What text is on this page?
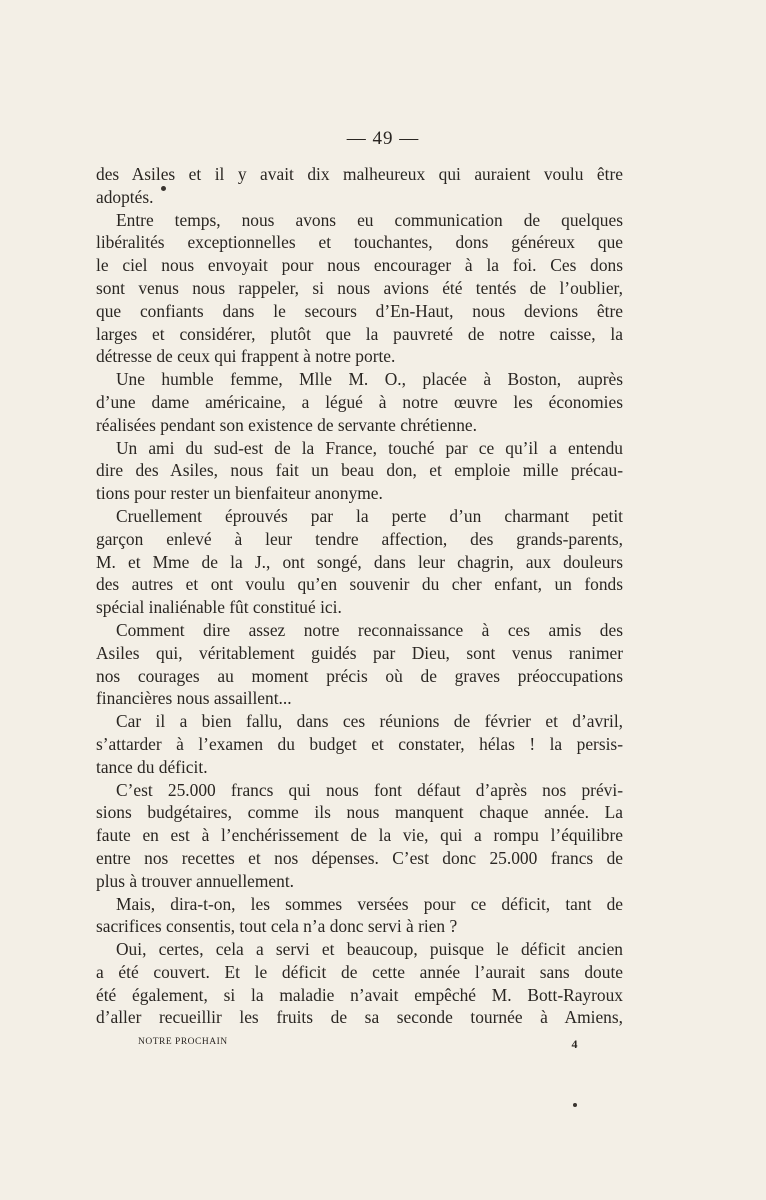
— 49 —
des Asiles et il y avait dix malheureux qui auraient voulu être
adoptés.
Entre temps, nous avons eu communication de quelques
libéralités exceptionnelles et touchantes, dons généreux que
le ciel nous envoyait pour nous encourager à la foi. Ces dons
sont venus nous rappeler, si nous avions été tentés de l’oublier,
que confiants dans le secours d’En-Haut, nous devions être
larges et considérer, plutôt que la pauvreté de notre caisse, la
détresse de ceux qui frappent à notre porte.
Une humble femme, Mlle M. O., placée à Boston, auprès
d’une dame américaine, a légué à notre œuvre les économies
réalisées pendant son existence de servante chrétienne.
Un ami du sud-est de la France, touché par ce qu’il a entendu
dire des Asiles, nous fait un beau don, et emploie mille précau-
tions pour rester un bienfaiteur anonyme.
Cruellement éprouvés par la perte d’un charmant petit
garçon enlevé à leur tendre affection, des grands-parents,
M. et Mme de la J., ont songé, dans leur chagrin, aux douleurs
des autres et ont voulu qu’en souvenir du cher enfant, un fonds
spécial inaliénable fût constitué ici.
Comment dire assez notre reconnaissance à ces amis des
Asiles qui, véritablement guidés par Dieu, sont venus ranimer
nos courages au moment précis où de graves préoccupations
financières nous assaillent...
Car il a bien fallu, dans ces réunions de février et d’avril,
s’attarder à l’examen du budget et constater, hélas ! la persis-
tance du déficit.
C’est 25.000 francs qui nous font défaut d’après nos prévi-
sions budgétaires, comme ils nous manquent chaque année. La
faute en est à l’enchérissement de la vie, qui a rompu l’équilibre
entre nos recettes et nos dépenses. C’est donc 25.000 francs de
plus à trouver annuellement.
Mais, dira-t-on, les sommes versées pour ce déficit, tant de
sacrifices consentis, tout cela n’a donc servi à rien ?
Oui, certes, cela a servi et beaucoup, puisque le déficit ancien
a été couvert. Et le déficit de cette année l’aurait sans doute
été également, si la maladie n’avait empêché M. Bott-Rayroux
d’aller recueillir les fruits de sa seconde tournée à Amiens,
NOTRE PROCHAIN	4
